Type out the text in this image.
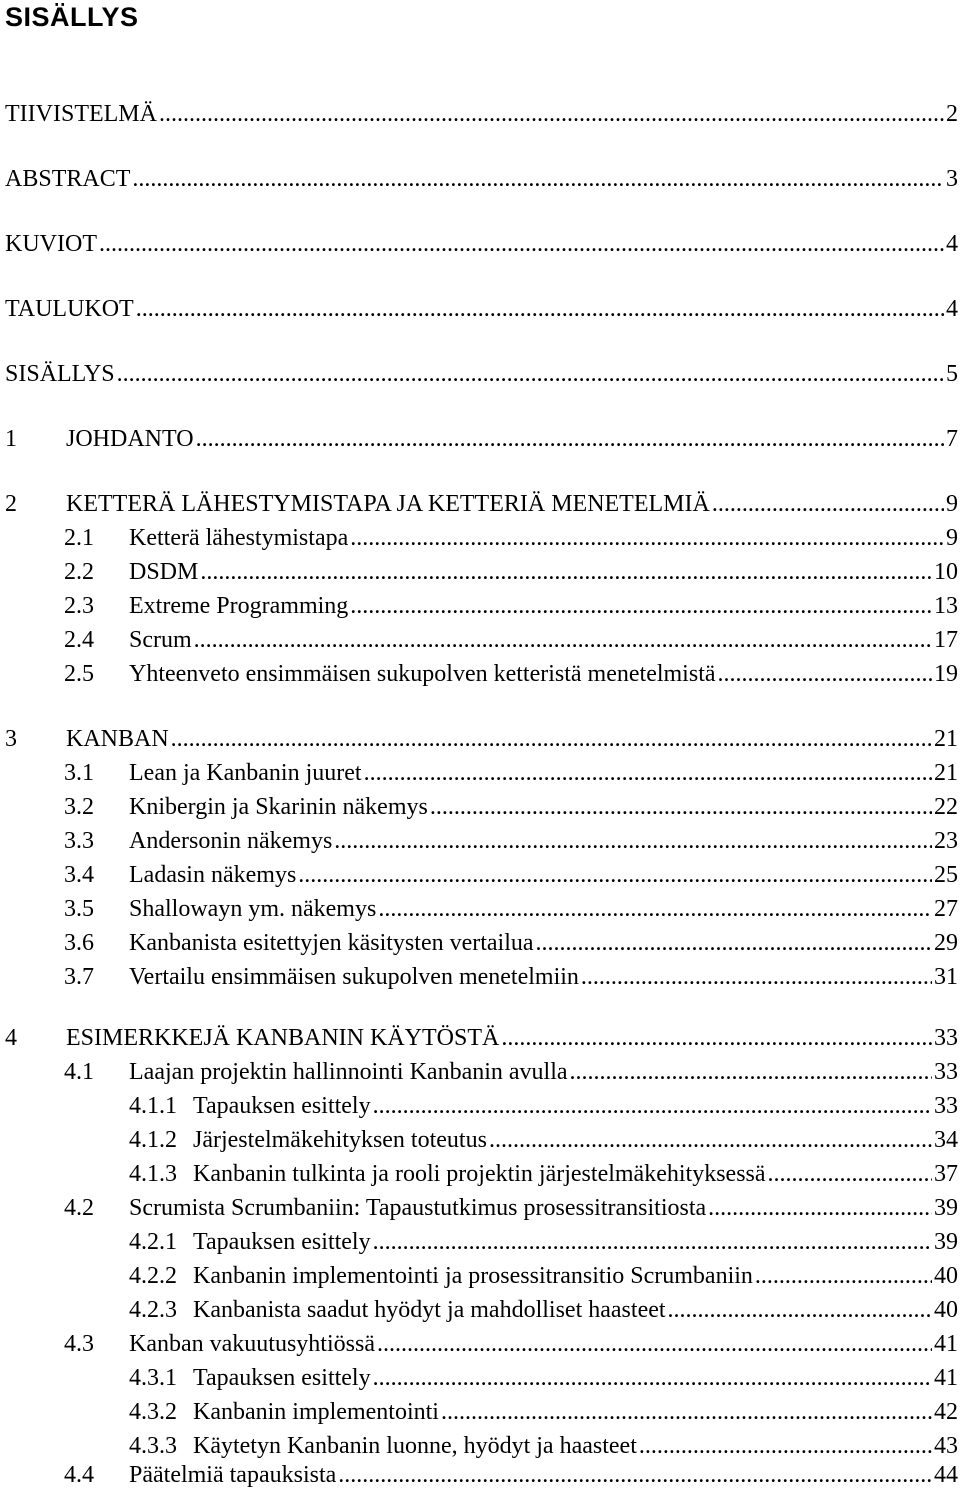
SISÄLLYS
TIIVISTELMÄ .....	2
ABSTRACT .....	3
KUVIOT .....	4
TAULUKOT .....	4
SISÄLLYS .....	5
1	JOHDANTO .....	7
2	KETTERÄ LÄHESTYMISTAPA JA KETTERIÄ MENETELMIÄ .....	9
2.1	Ketterä lähestymistapa .....	9
2.2	DSDM .....	10
2.3	Extreme Programming .....	13
2.4	Scrum .....	17
2.5	Yhteenveto ensimmäisen sukupolven ketteristä menetelmistä .....	19
3	KANBAN .....	21
3.1	Lean ja Kanbanin juuret .....	21
3.2	Knibergin ja Skarinin näkemys .....	22
3.3	Andersonin näkemys .....	23
3.4	Ladasin näkemys .....	25
3.5	Shallowayn ym. näkemys .....	27
3.6	Kanbanista esitettyjen käsitysten vertailua .....	29
3.7	Vertailu ensimmäisen sukupolven menetelmiin .....	31
4	ESIMERKKEJÄ KANBANIN KÄYTÖSTÄ .....	33
4.1	Laajan projektin hallinnointi Kanbanin avulla .....	33
4.1.1 Tapauksen esittely .....	33
4.1.2 Järjestelmäkehityksen toteutus .....	34
4.1.3 Kanbanin tulkinta ja rooli projektin järjestelmäkehityksessä .....	37
4.2	Scrumista Scrumbaniin: Tapaustutkimus prosessitransitiosta .....	39
4.2.1 Tapauksen esittely .....	39
4.2.2 Kanbanin implementointi ja prosessitransitio Scrumbaniin .....	40
4.2.3 Kanbanista saadut hyödyt ja mahdolliset haasteet .....	40
4.3	Kanban vakuutusyhtiössä .....	41
4.3.1 Tapauksen esittely .....	41
4.3.2 Kanbanin implementointi .....	42
4.3.3 Käytetyn Kanbanin luonne, hyödyt ja haasteet .....	43
4.4	Päätelmiä tapauksista .....	44
